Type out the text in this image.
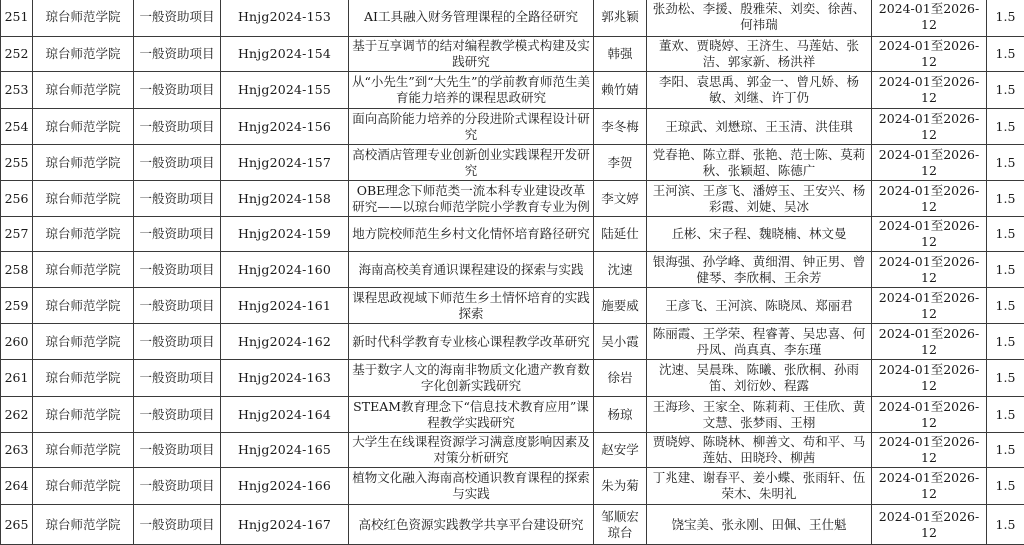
251	琼台师范学院	一般资助项目	Hnjg2024-153	AI工具融入财务管理课程的全路径研究	郭兆颖	张劲松、李援、殷雅荣、刘奕、徐茜、何祎瑞	2024-01至2026-12	1.5
252	琼台师范学院	一般资助项目	Hnjg2024-154	基于互享调节的结对编程教学模式构建及实践研究	韩强	董欢、贾晓婷、王济生、马莲姑、张洁、郭家新、杨洪祥	2024-01至2026-12	1.5
253	琼台师范学院	一般资助项目	Hnjg2024-155	从“小先生”到“大先生”的学前教育师范生美育能力培养的课程思政研究	赖竹婧	李阳、袁思禹、郭金一、曾凡娇、杨敏、刘继、许丁仍	2024-01至2026-12	1.5
254	琼台师范学院	一般资助项目	Hnjg2024-156	面向高阶能力培养的分段进阶式课程设计研究	李冬梅	王琼武、刘懋琼、王玉清、洪佳琪	2024-01至2026-12	1.5
255	琼台师范学院	一般资助项目	Hnjg2024-157	高校酒店管理专业创新创业实践课程开发研究	李贺	党春艳、陈立群、张艳、范士陈、莫莉秋、张颖超、陈德广	2024-01至2026-12	1.5
256	琼台师范学院	一般资助项目	Hnjg2024-158	OBE理念下师范类一流本科专业建设改革研究——以琼台师范学院小学教育专业为例	李文婷	王河滨、王彦飞、潘婷玉、王安兴、杨彩霞、刘婕、吴冰	2024-01至2026-12	1.5
257	琼台师范学院	一般资助项目	Hnjg2024-159	地方院校师范生乡村文化情怀培育路径研究	陆延仕	丘彬、宋子程、魏晓楠、林文曼	2024-01至2026-12	1.5
258	琼台师范学院	一般资助项目	Hnjg2024-160	海南高校美育通识课程建设的探索与实践	沈速	银海强、孙学峰、黄细渭、钟正男、曾健琴、李欣桐、王余芳	2024-01至2026-12	1.5
259	琼台师范学院	一般资助项目	Hnjg2024-161	课程思政视域下师范生乡土情怀培育的实践探索	施要威	王彦飞、王河滨、陈晓凤、郑丽君	2024-01至2026-12	1.5
260	琼台师范学院	一般资助项目	Hnjg2024-162	新时代科学教育专业核心课程教学改革研究	吴小霞	陈丽霞、王学荣、程睿菁、吴忠喜、何丹凤、尚真真、李东瑾	2024-01至2026-12	1.5
261	琼台师范学院	一般资助项目	Hnjg2024-163	基于数字人文的海南非物质文化遗产教育数字化创新实践研究	徐岩	沈速、吴晨珠、陈曦、张欣桐、孙雨笛、刘衍妙、程露	2024-01至2026-12	1.5
262	琼台师范学院	一般资助项目	Hnjg2024-164	STEAM教育理念下“信息技术教育应用”课程教学实践研究	杨琼	王海珍、王家全、陈莉莉、王佳欣、黄文慧、张梦雨、王栩	2024-01至2026-12	1.5
263	琼台师范学院	一般资助项目	Hnjg2024-165	大学生在线课程资源学习满意度影响因素及对策分析研究	赵安学	贾晓婷、陈晓林、柳善文、苟和平、马莲姑、田晓玲、柳茜	2024-01至2026-12	1.5
264	琼台师范学院	一般资助项目	Hnjg2024-166	植物文化融入海南高校通识教育课程的探索与实践	朱为菊	丁兆建、谢春平、姜小蝶、张雨轩、伍荣木、朱明礼	2024-01至2026-12	1.5
265	琼台师范学院	一般资助项目	Hnjg2024-167	高校红色资源实践教学共享平台建设研究	邹顺宏 琼台	饶宝美、张永刚、田佩、王仕魁	2024-01至2026-12	1.5
